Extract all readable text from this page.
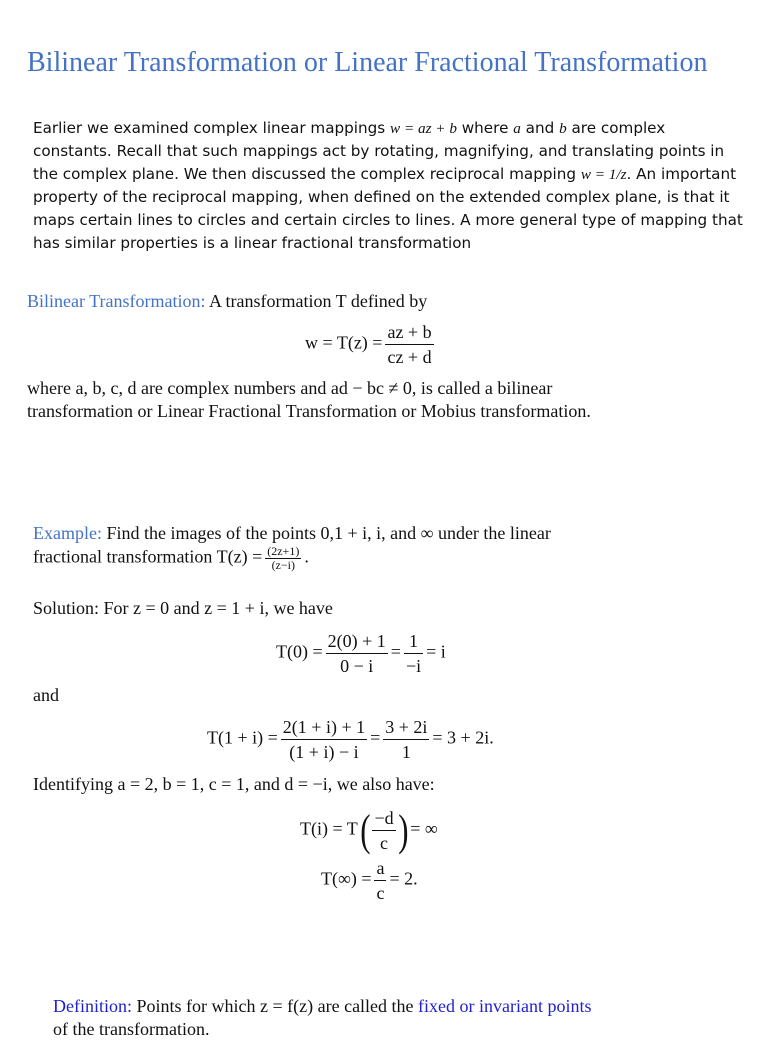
Bilinear Transformation or Linear Fractional Transformation
Earlier we examined complex linear mappings w = az + b where a and b are complex constants. Recall that such mappings act by rotating, magnifying, and translating points in the complex plane. We then discussed the complex reciprocal mapping w = 1/z. An important property of the reciprocal mapping, when defined on the extended complex plane, is that it maps certain lines to circles and certain circles to lines. A more general type of mapping that has similar properties is a linear fractional transformation
Bilinear Transformation: A transformation T defined by
$w = T(z) = \frac{az + b}{cz + d}$
where a, b, c, d are complex numbers and ad − bc ≠ 0, is called a bilinear
transformation or Linear Fractional Transformation or Mobius transformation.
Example: Find the images of the points 0,1 + i, i, and ∞ under the linear
fractional transformation $T(z) = \frac{(2z+1)}{(z-i)}$ .
Solution: For z = 0 and z = 1 + i, we have
$T(0) = \frac{2(0) + 1}{0 - i} = \frac{1}{-i} = i$
and
$T(1 + i) = \frac{2(1 + i) + 1}{(1 + i) - i} = \frac{3 + 2i}{1} = 3 + 2i$.
Identifying a = 2, b = 1, c = 1, and d = −i, we also have:
$T(i) = T( \frac{-d}{c}$ ) = ∞
$T(\infty) = \frac{a}{c} = 2$.
Definition: Points for which z = f(z) are called the fixed or invariant points
of the transformation.
